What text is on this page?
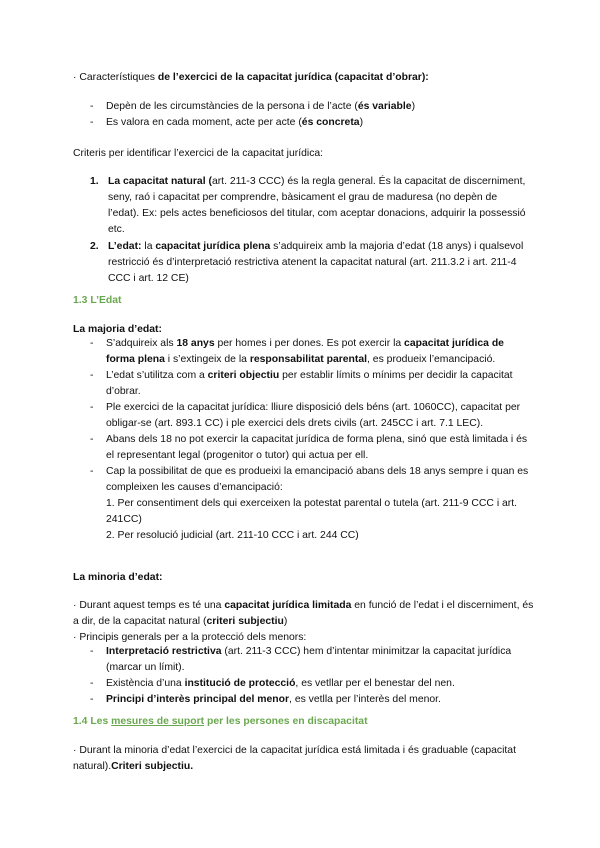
· Característiques de l’exercici de la capacitat jurídica (capacitat d’obrar):
- Depèn de les circumstàncies de la persona i de l’acte (és variable)
- Es valora en cada moment, acte per acte (és concreta)
Criteris per identificar l’exercici de la capacitat jurídica:
1. La capacitat natural (art. 211-3 CCC) és la regla general. És la capacitat de discerniment, seny, raó i capacitat per comprendre, bàsicament el grau de maduresa (no depèn de l’edat). Ex: pels actes beneficiosos del titular, com aceptar donacions, adquirir la possessió etc.
2. L’edat: la capacitat jurídica plena s’adquireix amb la majoria d’edat (18 anys) i qualsevol restricció és d’interpretació restrictiva atenent la capacitat natural (art. 211.3.2 i art. 211-4 CCC i art. 12 CE)
1.3 L’Edat
La majoria d’edat:
- S’adquireix als 18 anys per homes i per dones. Es pot exercir la capacitat jurídica de forma plena i s’extingeix de la responsabilitat parental, es produeix l’emancipació.
- L’edat s’utilitza com a criteri objectiu per establir límits o mínims per decidir la capacitat d’obrar.
- Ple exercici de la capacitat jurídica: lliure disposició dels béns (art. 1060CC), capacitat per obligar-se (art. 893.1 CC) i ple exercici dels drets civils (art. 245CC i art. 7.1 LEC).
- Abans dels 18 no pot exercir la capacitat jurídica de forma plena, sinó que està limitada i és el representant legal (progenitor o tutor) qui actua per ell.
- Cap la possibilitat de que es produeixi la emancipació abans dels 18 anys sempre i quan es compleixen les causes d’emancipació:
1. Per consentiment dels qui exerceixen la potestat parental o tutela (art. 211-9 CCC i art. 241CC)
2. Per resolució judicial (art. 211-10 CCC i art. 244 CC)
La minoria d’edat:
· Durant aquest temps es té una capacitat jurídica limitada en funció de l’edat i el discerniment, és a dir, de la capacitat natural (criteri subjectiu)
· Principis generals per a la protecció dels menors:
- Interpretació restrictiva (art. 211-3 CCC) hem d’intentar minimitzar la capacitat jurídica (marcar un límit).
- Existència d’una institució de protecció, es vetllar per el benestar del nen.
- Principi d’interès principal del menor, es vetlla per l’interès del menor.
1.4 Les mesures de suport per les persones en discapacitat
· Durant la minoria d’edat l’exercici de la capacitat jurídica está limitada i és graduable (capacitat natural).Criteri subjectiu.
